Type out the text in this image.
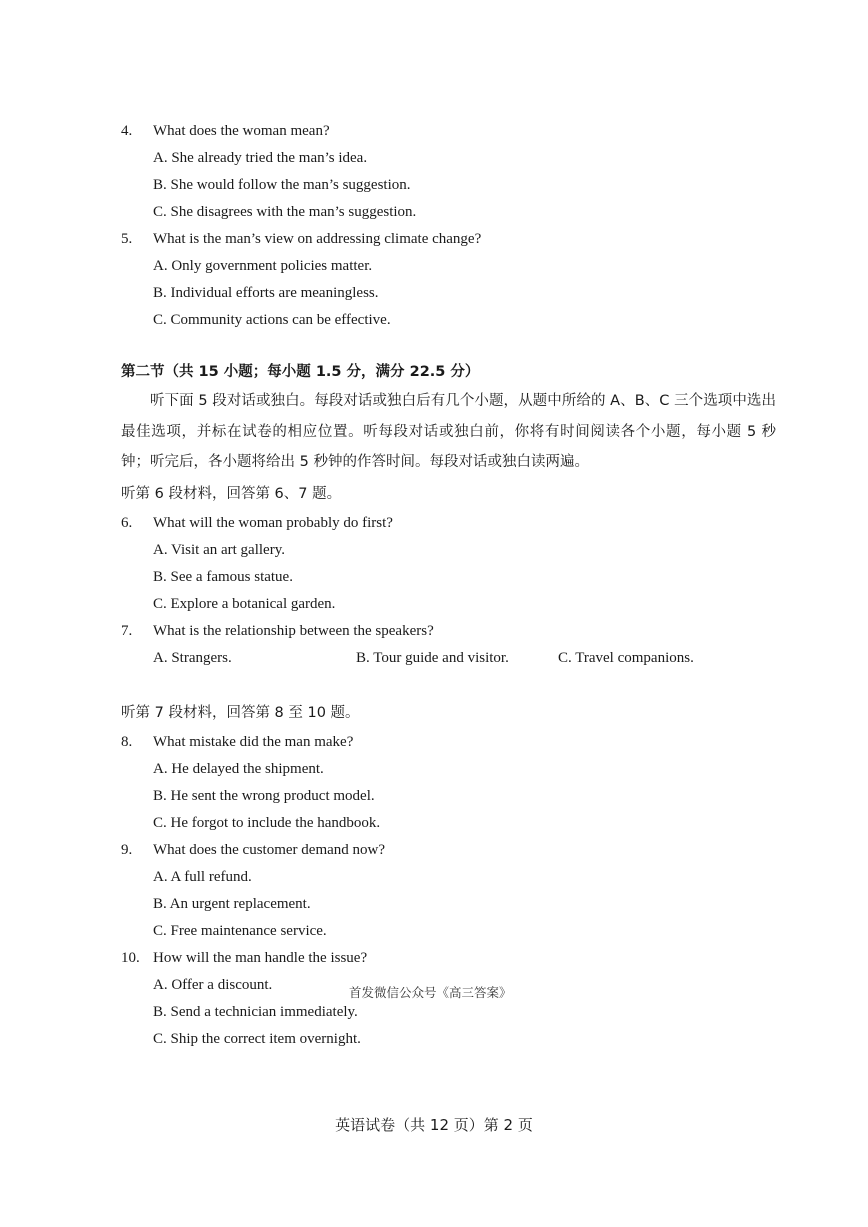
4. What does the woman mean?
A. She already tried the man’s idea.
B. She would follow the man’s suggestion.
C. She disagrees with the man’s suggestion.
5. What is the man’s view on addressing climate change?
A. Only government policies matter.
B. Individual efforts are meaningless.
C. Community actions can be effective.
第二节（共 15 小题；每小题 1.5 分，满分 22.5 分）
听下面 5 段对话或独白。每段对话或独白后有几个小题，从题中所给的 A、B、C 三个选项中选出最佳选项，并标在试卷的相应位置。听每段对话或独白前，你将有时间阅读各个小题，每小题 5 秒钟；听完后，各小题将给出 5 秒钟的作答时间。每段对话或独白读两遍。
听第 6 段材料，回答第 6、7 题。
6. What will the woman probably do first?
A. Visit an art gallery.
B. See a famous statue.
C. Explore a botanical garden.
7. What is the relationship between the speakers?
A. Strangers.	B. Tour guide and visitor.	C. Travel companions.
听第 7 段材料，回答第 8 至 10 题。
8. What mistake did the man make?
A. He delayed the shipment.
B. He sent the wrong product model.
C. He forgot to include the handbook.
9. What does the customer demand now?
A. A full refund.
B. An urgent replacement.
C. Free maintenance service.
10. How will the man handle the issue?
A. Offer a discount.
B. Send a technician immediately.
C. Ship the correct item overnight.
首发微信公众号《高三答案》
英语试卷（共 12 页）第 2 页
